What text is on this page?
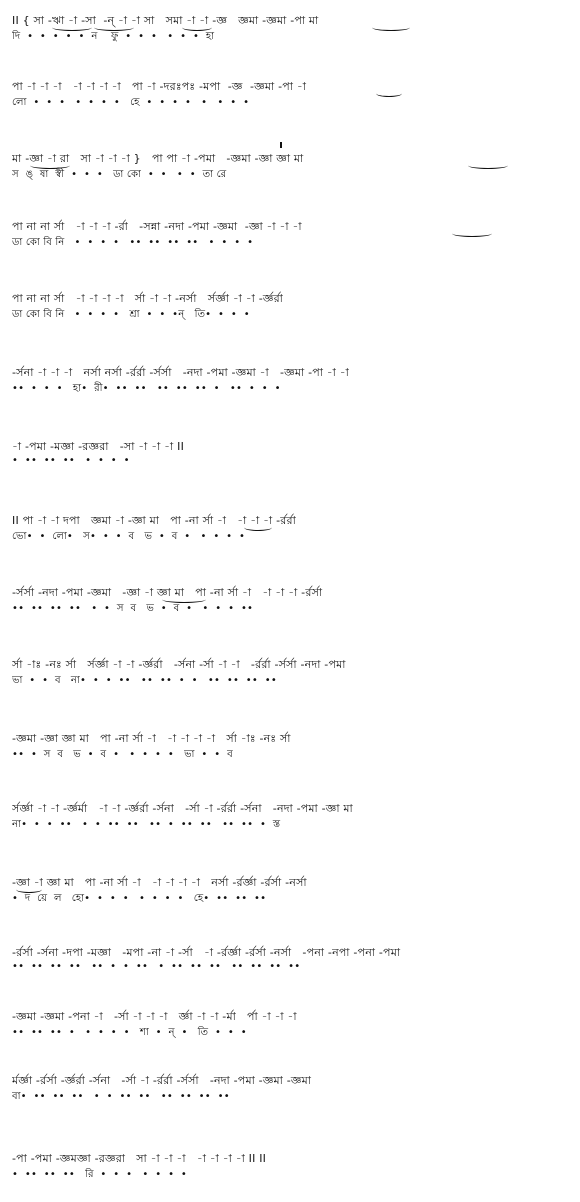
II { সা -ঋা -া -সা  -ন্ -া -া সা   সমা -া -া -জ্ঞ   জ্ঞমা -জ্ঞমা -পা মা
দি  •  •  •  •  •  ন    ফু  •  •  •   •  •  •  হা
পা -া -া -া   -া -া -া -া   পা -া -দরঃপঃ -মপা  -জ্ঞ  -জ্ঞমা -পা -া
লো  •  •  •   •  •  •  •   হে  •  •  •  •   •   •  •  •
মা -জ্ঞা -া রা   সা -া -া -া }   পা পা -া -পমা   -জ্ঞমা -জ্ঞা জ্ঞা মা
স  ঙ্  ষা  স্বী  •  •  •   ডা কো  •  •   •  •  তা রে
পা না না র্সা   -া -া -া -র্রা   -সন্না -নদা -পমা -জ্ঞমা  -জ্ঞা -া -া -া
ডা কো বি নি   •  •  •  •   ••  ••  ••  ••   •  •  •  •
পা না না র্সা   -া -া -া -া   র্সা -া -া -নর্সা   র্সর্জ্ঞা -া -া -র্জ্ঞর্রা
ডা কো বি নি   •  •  •  •   শ্রা  •  •  •ন্   তি•  •  •  •
-র্সনা -া -া -া   নর্সা নর্সা -র্রর্রা -র্সর্সা   -নদা -পমা -জ্ঞমা -া   -জ্ঞমা -পা -া -া
••  •  •  •   হা•  রী•  ••  ••   ••  ••  ••  •   ••  •  •  •
-া -পমা -মজ্ঞা -রজ্ঞরা   -সা -া -া -া II
•  ••  ••  ••   •  •  •  •
II পা -া -া দপা   জ্ঞমা -া -জ্ঞা মা   পা -না র্সা -া   -া -া -া -র্রর্রা
ভো•  •  লো•   স•  •  •  ব   ভ  •  ব  •   •  •  •  •
-র্সর্সা -নদা -পমা -জ্ঞমা   -জ্ঞা -া জ্ঞা মা   পা -না র্সা -া   -া -া -া -র্রর্সা
••  ••  ••  ••   •  •  স  ব   ভ  •  ব  •   •  •  •  ••
র্সা -াঃ -নঃ র্সা   র্সর্জ্ঞা -া -া -র্জ্ঞর্রা   -র্সনা -র্সা -া -া   -র্রর্রা -র্সর্সা -নদা -পমা
ভা  •  •  ব   না•  •  •  ••   ••  ••  •  •   ••  ••  ••  ••
-জ্ঞমা -জ্ঞা জ্ঞা মা   পা -না র্সা -া   -া -া -া -া   র্সা -াঃ -নঃ র্সা
••  •  স  ব   ভ  •  ব  •   •  •  •  •   ভা  •  •  ব
র্সর্জ্ঞা -া -া -র্জ্ঞর্মা   -া -া -র্জ্ঞর্রা -র্সনা   -র্সা -া -র্রর্রা -র্সনা   -নদা -পমা -জ্ঞা মা
না•  •  •  ••   •  •  ••  ••   ••  •  ••  ••   ••  ••  •  স্ত
-জ্ঞা -া জ্ঞা মা   পা -না র্সা -া   -া -া -া -া   নর্সা -র্রর্জ্ঞা -র্রর্সা -নর্সা
•  দ  য়ে  ল   হো•  •  •  •   •  •  •  •   হে•  ••  ••  ••
-র্রর্সা -র্সনা -দপা -মজ্ঞা   -মপা -না -া -র্সা   -া -র্রর্জ্ঞা -র্রর্সা -নর্সা   -পনা -নপা -পনা -পমা
••  ••  ••  ••   ••  •  •  ••   •  ••  ••  ••   ••  ••  ••  ••
-জ্ঞমা -জ্ঞমা -পনা -া   -র্সা -া -া -া   র্জ্ঞা -া -া -র্মা   র্পা -া -া -া
••  ••  ••  •   •  •  •  •   শা  •  ন্  •   তি  •  •  •
র্মর্জ্ঞা -র্রর্সা -র্জ্ঞর্রা -র্সনা   -র্সা -া -র্রর্রা -র্সর্সা   -নদা -পমা -জ্ঞমা -জ্ঞমা
বা•  ••  ••  ••   •  •  ••  ••   ••  ••  ••  ••
-পা -পমা -জ্ঞমজ্ঞা -রজ্ঞরা   সা -া -া -া   -া -া -া -া II II
•  ••  ••  ••   রি  •  •  •   •  •  •  •
